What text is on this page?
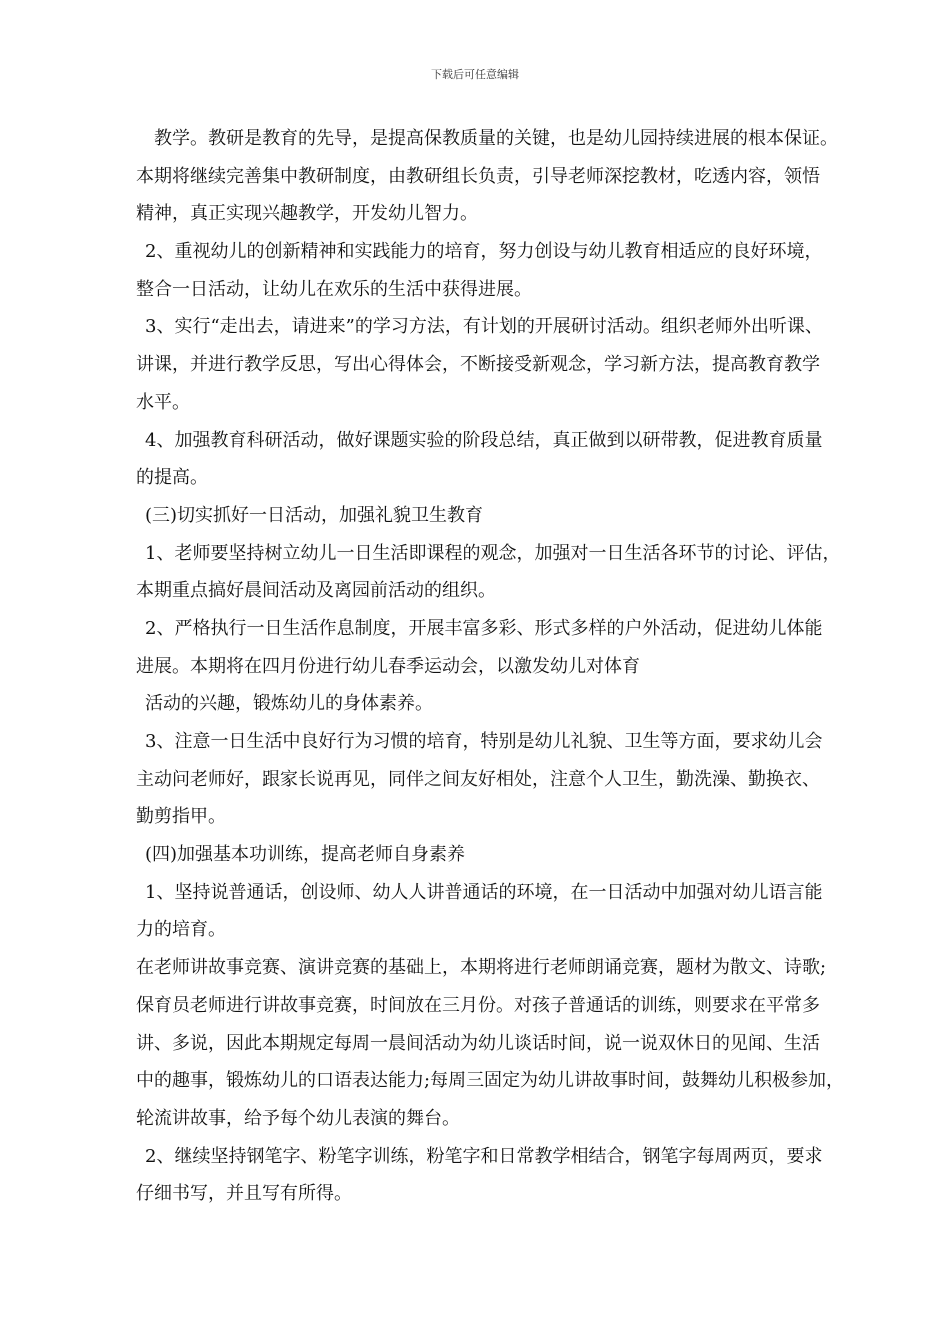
下载后可任意编辑
教学。教研是教育的先导，是提高保教质量的关键，也是幼儿园持续进展的根本保证。
本期将继续完善集中教研制度，由教研组长负责，引导老师深挖教材，吃透内容，领悟
精神，真正实现兴趣教学，开发幼儿智力。
2、重视幼儿的创新精神和实践能力的培育，努力创设与幼儿教育相适应的良好环境，
整合一日活动，让幼儿在欢乐的生活中获得进展。
3、实行“走出去，请进来”的学习方法，有计划的开展研讨活动。组织老师外出听课、
讲课，并进行教学反思，写出心得体会，不断接受新观念，学习新方法，提高教育教学
水平。
4、加强教育科研活动，做好课题实验的阶段总结，真正做到以研带教，促进教育质量
的提高。
(三)切实抓好一日活动，加强礼貌卫生教育
1、老师要坚持树立幼儿一日生活即课程的观念，加强对一日生活各环节的讨论、评估，
本期重点搞好晨间活动及离园前活动的组织。
2、严格执行一日生活作息制度，开展丰富多彩、形式多样的户外活动，促进幼儿体能
进展。本期将在四月份进行幼儿春季运动会，以激发幼儿对体育
活动的兴趣，锻炼幼儿的身体素养。
3、注意一日生活中良好行为习惯的培育，特别是幼儿礼貌、卫生等方面，要求幼儿会
主动问老师好，跟家长说再见，同伴之间友好相处，注意个人卫生，勤洗澡、勤换衣、
勤剪指甲。
(四)加强基本功训练，提高老师自身素养
1、坚持说普通话，创设师、幼人人讲普通话的环境，在一日活动中加强对幼儿语言能
力的培育。
在老师讲故事竞赛、演讲竞赛的基础上，本期将进行老师朗诵竞赛，题材为散文、诗歌;
保育员老师进行讲故事竞赛，时间放在三月份。对孩子普通话的训练，则要求在平常多
讲、多说，因此本期规定每周一晨间活动为幼儿谈话时间，说一说双休日的见闻、生活
中的趣事，锻炼幼儿的口语表达能力;每周三固定为幼儿讲故事时间，鼓舞幼儿积极参加，
轮流讲故事，给予每个幼儿表演的舞台。
2、继续坚持钢笔字、粉笔字训练，粉笔字和日常教学相结合，钢笔字每周两页，要求
仔细书写，并且写有所得。
